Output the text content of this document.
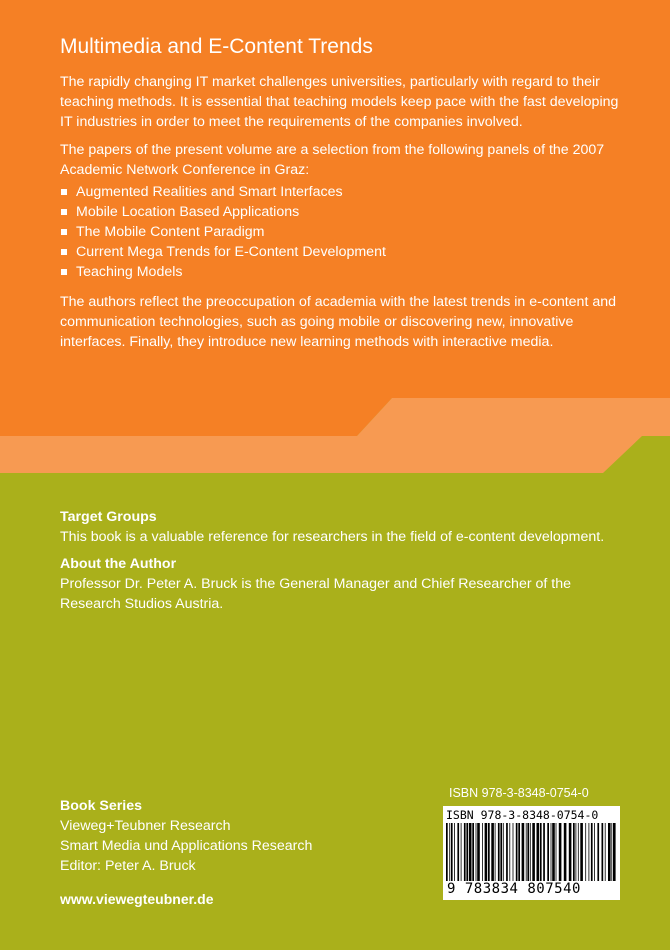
Multimedia and E-Content Trends

The rapidly changing IT market challenges universities, particularly with regard to their teaching methods. It is essential that teaching models keep pace with the fast developing IT industries in order to meet the requirements of the companies involved.

The papers of the present volume are a selection from the following panels of the 2007 Academic Network Conference in Graz:

Augmented Realities and Smart Interfaces
Mobile Location Based Applications
The Mobile Content Paradigm
Current Mega Trends for E-Content Development
Teaching Models

The authors reflect the preoccupation of academia with the latest trends in e-content and communication technologies, such as going mobile or discovering new, innovative interfaces. Finally, they introduce new learning methods with interactive media.

Target Groups

This book is a valuable reference for researchers in the field of e-content development.

About the Author

Professor Dr. Peter A. Bruck is the General Manager and Chief Researcher of the Research Studios Austria.

Book Series
Vieweg+Teubner Research
Smart Media und Applications Research
Editor: Peter A. Bruck
www.viewegteubner.de
ISBN 978-3-8348-0754-0
ISBN 978-3-8348-0754-0
9 783834 807540
